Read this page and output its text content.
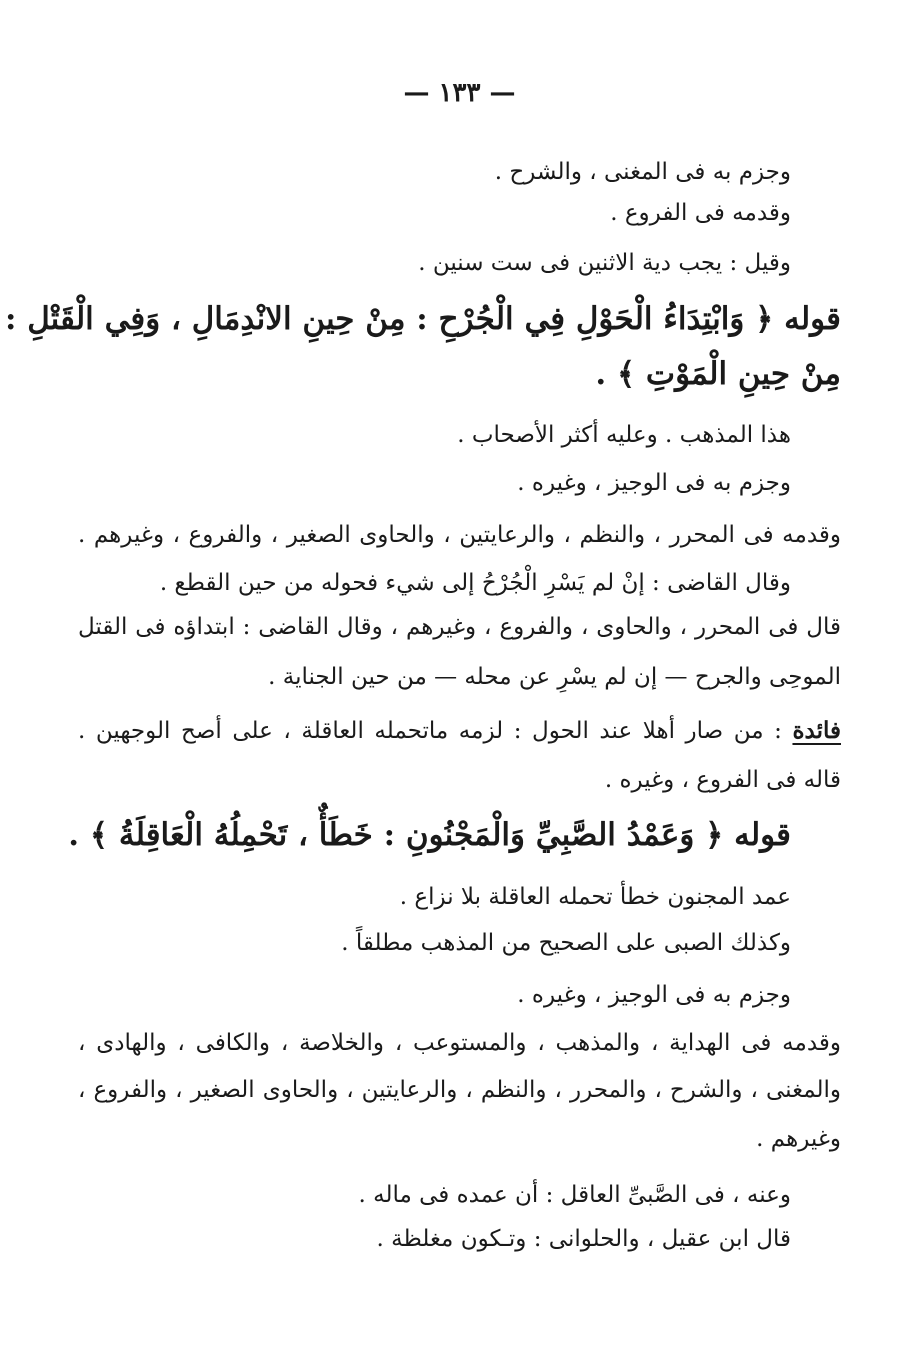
— ١٣٣ —
وجزم به فى المغنى ، والشرح .
وقدمه فى الفروع .
وقيل : يجب دية الاثنين فى ست سنين .
قوله ﴿ وَابْتِدَاءُ الْحَوْلِ فِي الْجُرْحِ : مِنْ حِينِ الانْدِمَالِ ، وَفِي الْقَتْلِ :
مِنْ حِينِ الْمَوْتِ ﴾ .
هذا المذهب . وعليه أكثر الأصحاب .
وجزم به فى الوجيز ، وغيره .
وقدمه فى المحرر ، والنظم ، والرعايتين ، والحاوى الصغير ، والفروع ، وغيرهم .
وقال القاضى : إنْ لم يَسْرِ الْجُرْحُ إلى شيء فحوله من حين القطع .
قال فى المحرر ، والحاوى ، والفروع ، وغيرهم ، وقال القاضى : ابتداؤه فى القتل
الموحِى والجرح — إن لم يسْرِ عن محله — من حين الجناية .
فائدة : من صار أهلا عند الحول : لزمه ماتحمله العاقلة ، على أصح الوجهين .
قاله فى الفروع ، وغيره .
قوله ﴿ وَعَمْدُ الصَّبِيِّ وَالْمَجْنُونِ : خَطَأٌ ، تَحْمِلُهُ الْعَاقِلَةُ ﴾ .
عمد المجنون خطأ تحمله العاقلة بلا نزاع .
وكذلك الصبى على الصحيح من المذهب مطلقاً .
وجزم به فى الوجيز ، وغيره .
وقدمه فى الهداية ، والمذهب ، والمستوعب ، والخلاصة ، والكافى ، والهادى ،
والمغنى ، والشرح ، والمحرر ، والنظم ، والرعايتين ، والحاوى الصغير ، والفروع ،
وغيرهم .
وعنه ، فى الصَّبىِّ العاقل : أن عمده فى ماله .
قال ابن عقيل ، والحلوانى : وتـكون مغلظة .
